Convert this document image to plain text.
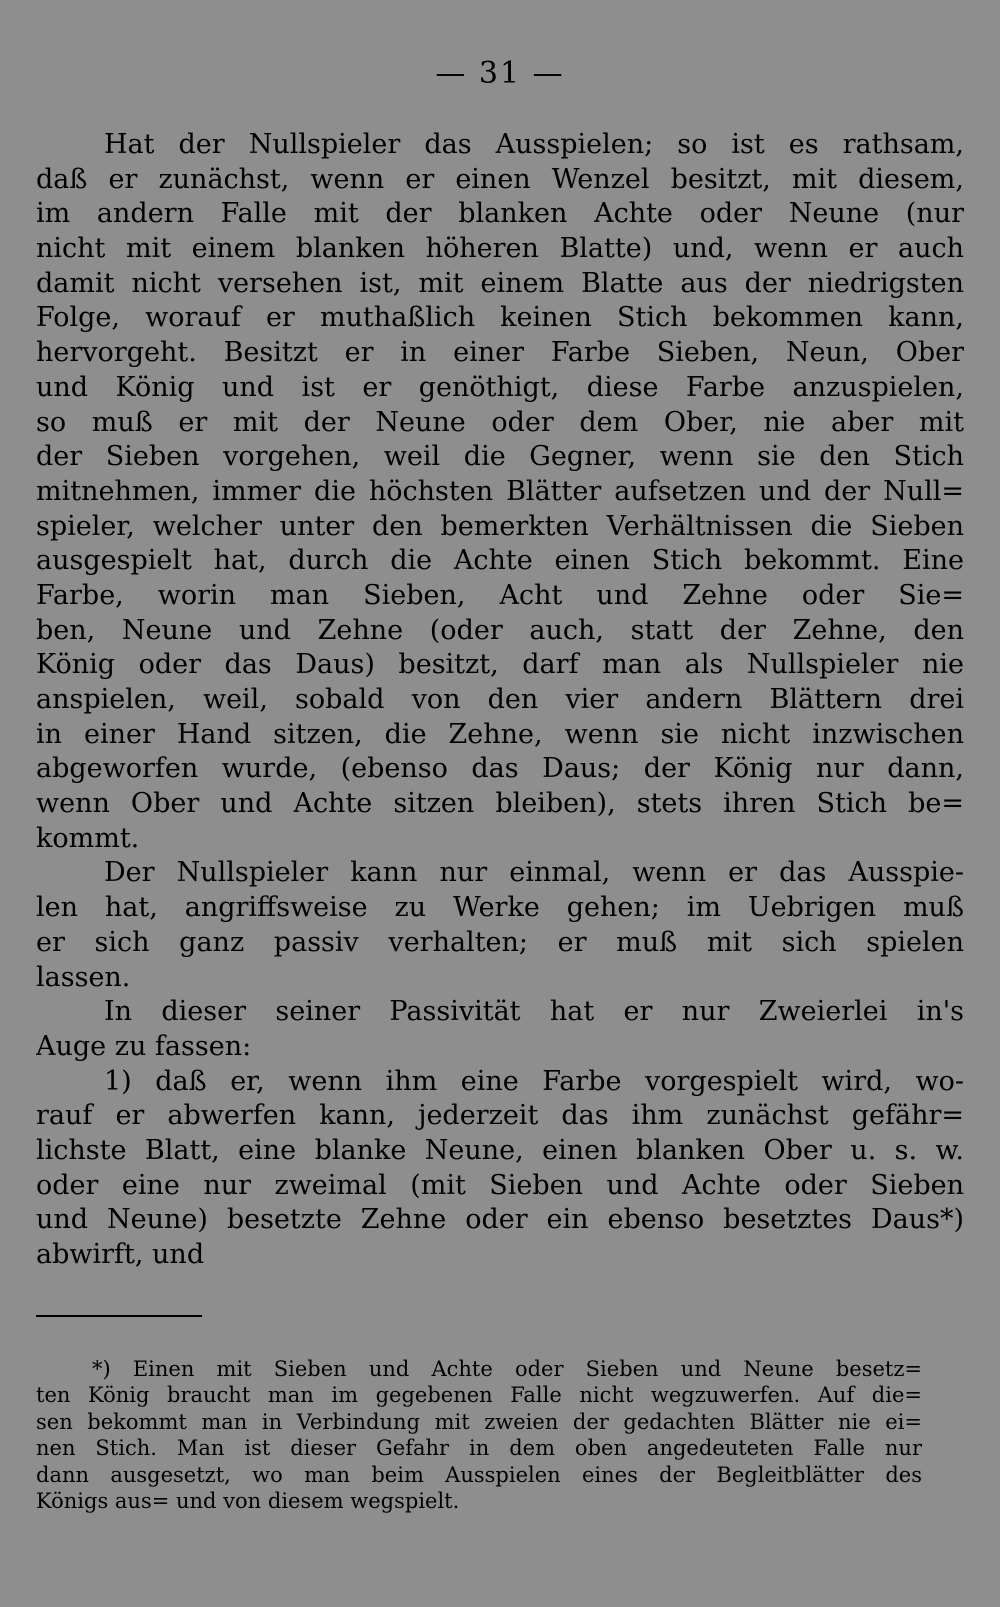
— 31 —
Hat der Nullspieler das Ausspielen; so ist es rathsam,
daß er zunächst, wenn er einen Wenzel besitzt, mit diesem,
im andern Falle mit der blanken Achte oder Neune (nur
nicht mit einem blanken höheren Blatte) und, wenn er auch
damit nicht versehen ist, mit einem Blatte aus der niedrigsten
Folge, worauf er muthaßlich keinen Stich bekommen kann,
hervorgeht. Besitzt er in einer Farbe Sieben, Neun, Ober
und König und ist er genöthigt, diese Farbe anzuspielen,
so muß er mit der Neune oder dem Ober, nie aber mit
der Sieben vorgehen, weil die Gegner, wenn sie den Stich
mitnehmen, immer die höchsten Blätter aufsetzen und der Null=
spieler, welcher unter den bemerkten Verhältnissen die Sieben
ausgespielt hat, durch die Achte einen Stich bekommt. Eine
Farbe, worin man Sieben, Acht und Zehne oder Sie=
ben, Neune und Zehne (oder auch, statt der Zehne, den
König oder das Daus) besitzt, darf man als Nullspieler nie
anspielen, weil, sobald von den vier andern Blättern drei
in einer Hand sitzen, die Zehne, wenn sie nicht inzwischen
abgeworfen wurde, (ebenso das Daus; der König nur dann,
wenn Ober und Achte sitzen bleiben), stets ihren Stich be=
kommt.
Der Nullspieler kann nur einmal, wenn er das Ausspie-
len hat, angriffsweise zu Werke gehen; im Uebrigen muß
er sich ganz passiv verhalten; er muß mit sich spielen
lassen.
In dieser seiner Passivität hat er nur Zweierlei in's
Auge zu fassen:
1) daß er, wenn ihm eine Farbe vorgespielt wird, wo-
rauf er abwerfen kann, jederzeit das ihm zunächst gefähr=
lichste Blatt, eine blanke Neune, einen blanken Ober u. s. w.
oder eine nur zweimal (mit Sieben und Achte oder Sieben
und Neune) besetzte Zehne oder ein ebenso besetztes Daus*)
abwirft, und
*) Einen mit Sieben und Achte oder Sieben und Neune besetz=
ten König braucht man im gegebenen Falle nicht wegzuwerfen. Auf die=
sen bekommt man in Verbindung mit zweien der gedachten Blätter nie ei=
nen Stich. Man ist dieser Gefahr in dem oben angedeuteten Falle nur
dann ausgesetzt, wo man beim Ausspielen eines der Begleitblätter des
Königs aus= und von diesem wegspielt.
